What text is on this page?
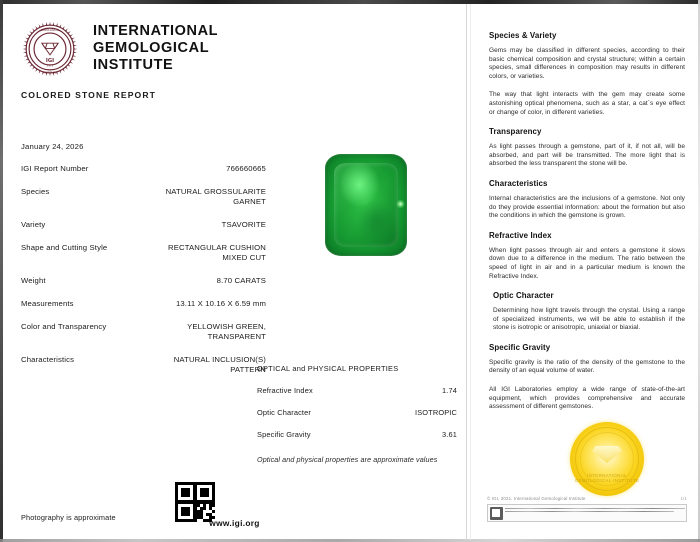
IGI
1975
GEMOLOGICAL
INSTITUTE
INTERNATIONAL
GEMOLOGICAL
INSTITUTE
COLORED STONE REPORT
January 24, 2026
IGI Report Number	766660665
Species	NATURAL GROSSULARITE
GARNET
Variety	TSAVORITE
Shape and Cutting Style	RECTANGULAR CUSHION
MIXED CUT
Weight	8.70 CARATS
Measurements	13.11 X 10.16 X 6.59 mm
Color and Transparency	YELLOWISH GREEN,
TRANSPARENT
Characteristics	NATURAL INCLUSION(S)
PATTERN
OPTICAL and PHYSICAL PROPERTIES
Refractive Index	1.74
Optic Character	ISOTROPIC
Specific Gravity	3.61
Optical and physical properties are approximate values
Photography is approximate
www.igi.org
Species & Variety

Gems may be classified in different species, according to their basic chemical composition and crystal structure; within a certain species, small differences in composition may results in different colors, or varieties.

The way that light interacts with the gem may create some astonishing optical phenomena, such as a star, a cat`s eye effect or change of color, in different varieties.

Transparency

As light passes through a gemstone, part of it, if not all, will be absorbed, and part will be transmitted. The more light that is absorbed the less transparent the stone will be.

Characteristics

Internal characteristics are the inclusions of a gemstone. Not only do they provide essential information: about the formation but also the conditions in which the gemstone is grown.

Refractive Index

When light passes through air and enters a gemstone it slows down due to a difference in the medium. The ratio between the speed of light in air and in a particular medium is known the Refractive Index.

Optic Character

Determining how light travels through the crystal. Using a range of specialized instruments, we will be able to establish if the stone is isotropic or anisotropic, uniaxial or biaxial.

Specific Gravity

Specific gravity is the ratio of the density of the gemstone to the density of an equal volume of water.

All IGI Laboratories employ a wide range of state-of-the-art equipment, which provides comprehensive and accurate assessment of different gemstones.

INTERNATIONAL GEMOLOGICAL INSTITUTE
1/1
© IGI, 2021. International Gemological Institute
